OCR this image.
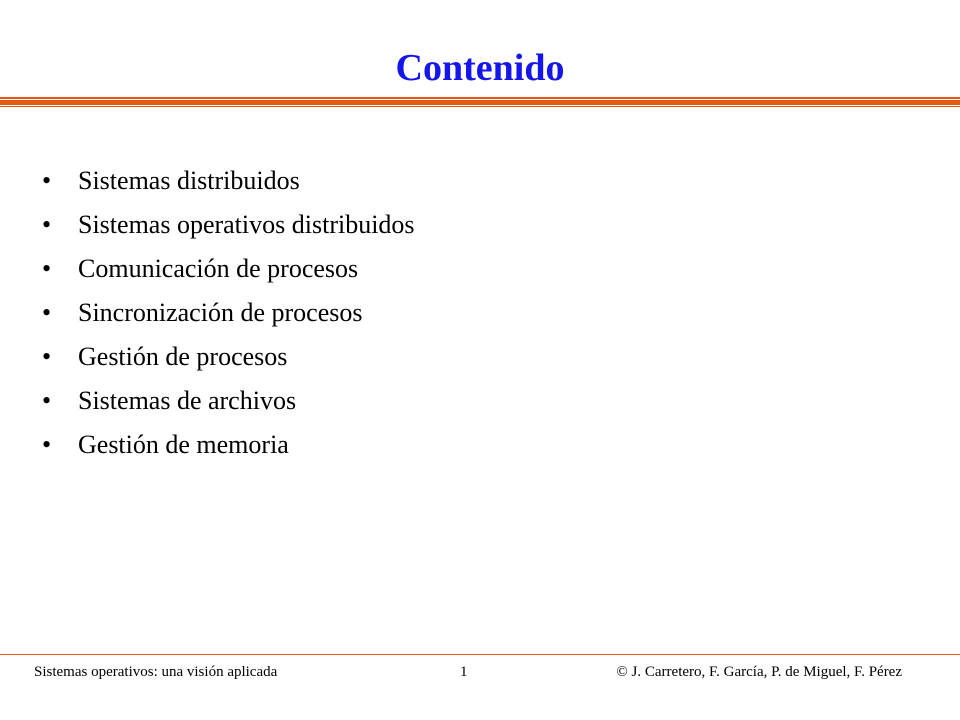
Contenido
• Sistemas distribuidos
• Sistemas operativos distribuidos
• Comunicación de procesos
• Sincronización de procesos
• Gestión de procesos
• Sistemas de archivos
• Gestión de memoria
Sistemas operativos: una visión aplicada	1	© J. Carretero, F. García, P. de Miguel, F. Pérez
